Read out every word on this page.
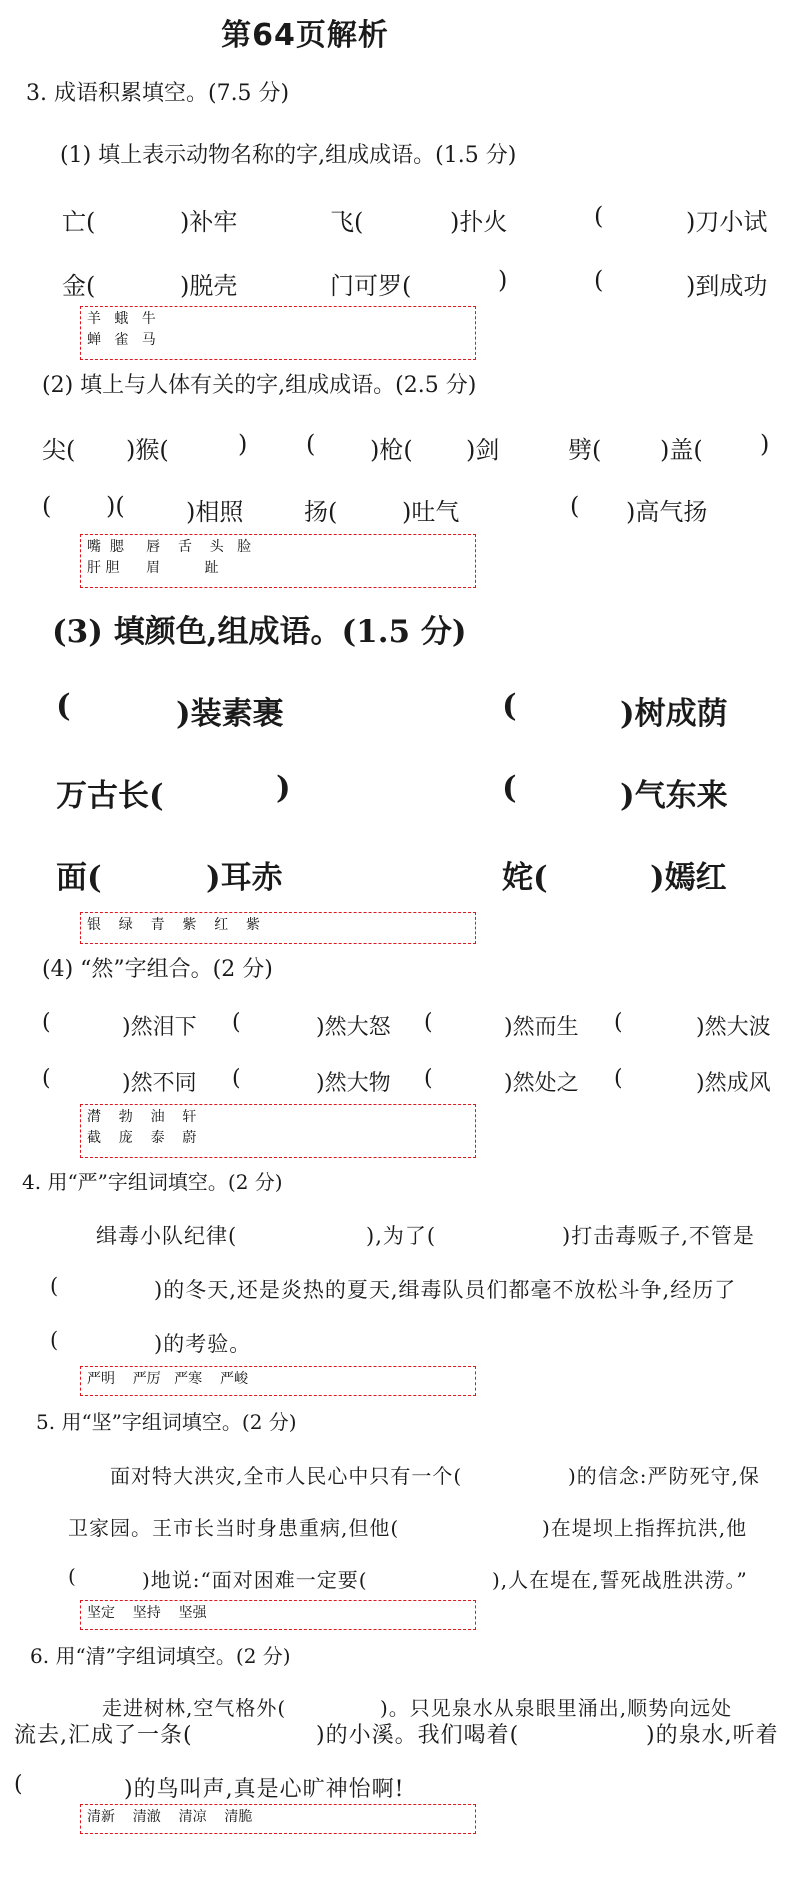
第64页解析
3. 成语积累填空。(7.5 分)
(1) 填上表示动物名称的字,组成成语。(1.5 分)
亡(	)补牢	飞(	)扑火	(	)刀小试
金(	)脱壳	门可罗(	)	(	)到成功
羊   蛾   牛
蝉   雀   马
(2) 填上与人体有关的字,组成成语。(2.5 分)
尖( )猴(	) ( )枪( )剑	劈( )盖( )
( )(	)相照	扬(	)吐气	( )高气扬
嘴  腮     唇    舌    头   脸
肝 胆      眉          趾
(3) 填颜色,组成语。(1.5 分)
(	)装素裹	(	)树成荫
万古长(	)	(	)气东来
面(	)耳赤	姹(	)嫣红
银    绿    青    紫    红    紫
(4) “然”字组合。(2 分)
(	)然泪下 (	)然大怒 (	)然而生 (	)然大波
(	)然不同 (	)然大物 (	)然处之 (	)然成风
潸    勃    油    轩
截    庞    泰    蔚
4. 用“严”字组词填空。(2 分)
缉毒小队纪律(	),为了(	)打击毒贩子,不管是
(	)的冬天,还是炎热的夏天,缉毒队员们都毫不放松斗争,经历了
(	)的考验。
严明    严厉   严寒    严峻
5. 用“坚”字组词填空。(2 分)
面对特大洪灾,全市人民心中只有一个(	)的信念:严防死守,保
卫家园。王市长当时身患重病,但他(	)在堤坝上指挥抗洪,他
(	)地说:“面对困难一定要(	),人在堤在,誓死战胜洪涝。”
坚定    坚持    坚强
6. 用“清”字组词填空。(2 分)
走进树林,空气格外(	)。只见泉水从泉眼里涌出,顺势向远处
流去,汇成了一条(	)的小溪。我们喝着(	)的泉水,听着
(	)的鸟叫声,真是心旷神怡啊!
清新    清澈    清凉    清脆
